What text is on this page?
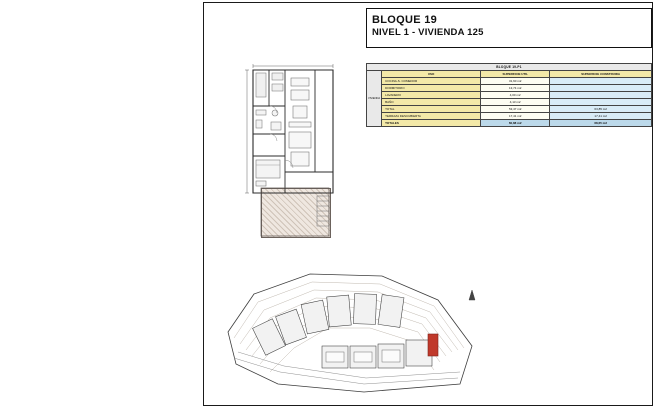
BLOQUE 19
NIVEL 1 - VIVIENDA 125
BLOQUE 19-P1			
VIVIENDA	USO	SUPERFICIE UTIL	SUPERFICIE CONSTRUIDA
	COCINA-S. COMEDOR	31,60 m2	
	DORMITORIO	13,74 m2	
	LAVADERO	4,00 m2	
	BAÑO	4,13 m2	
	TOTAL	53,47 m2	63,85 m2
	TERRAZA DESCUBIERTA	17,41 m2	17,41 m2
	TOTALES	60,88 m2	68,65 m2
